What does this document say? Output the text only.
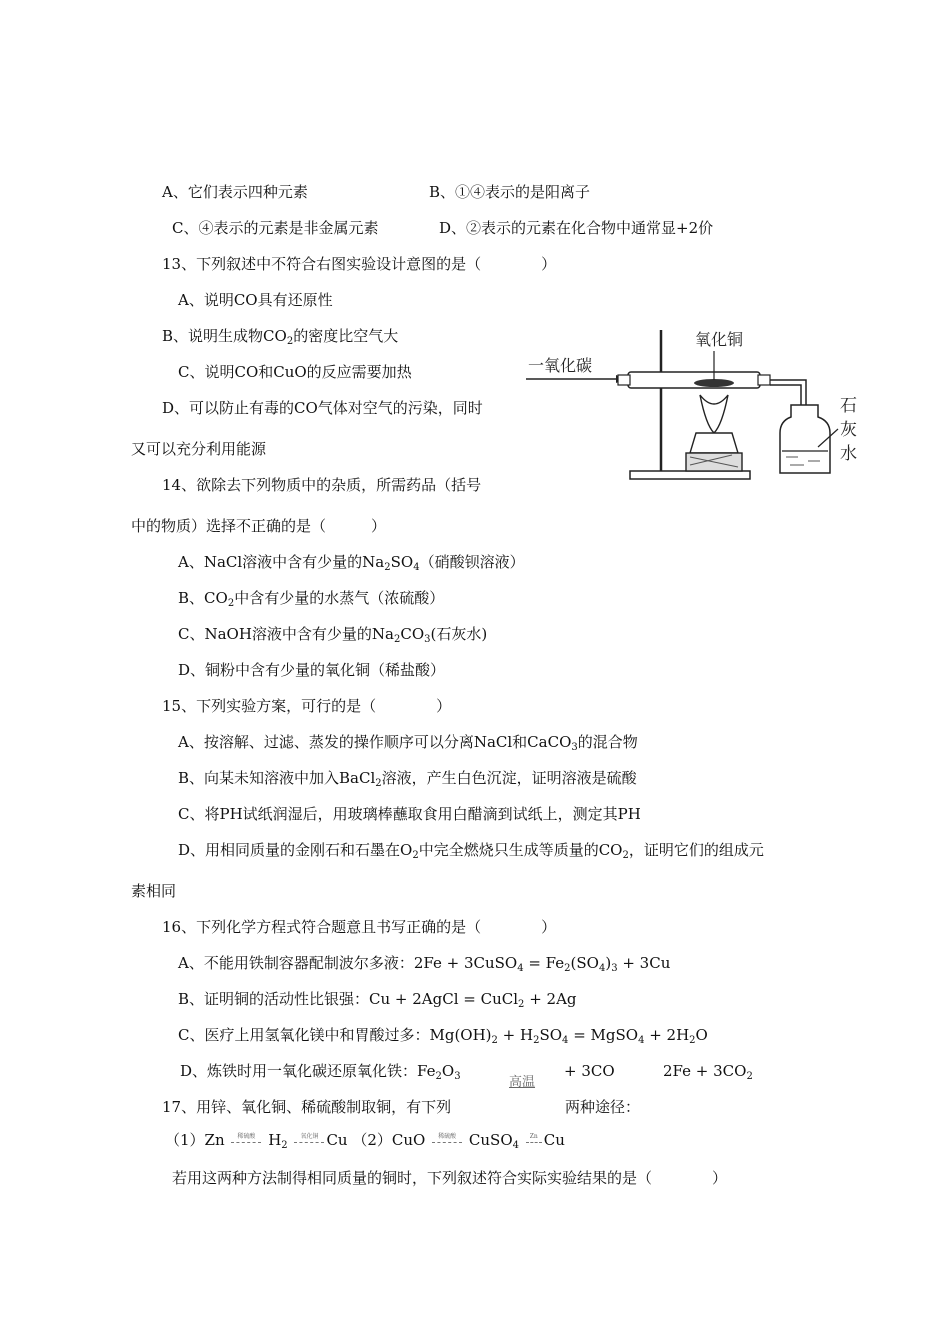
A、它们表示四种元素	B、①④表示的是阳离子
C、④表示的元素是非金属元素	D、②表示的元素在化合物中通常显+2价
13、下列叙述中不符合右图实验设计意图的是（　　　　）
A、说明CO具有还原性
B、说明生成物$CO_2$的密度比空气大
C、说明CO和CuO的反应需要加热
D、可以防止有毒的CO气体对空气的污染，同时
又可以充分利用能源
一氧化碳
氧化铜
石
灰
水
14、欲除去下列物质中的杂质，所需药品（括号
中的物质）选择不正确的是（　　　）
A、NaCl溶液中含有少量的$Na_2SO_4$（硝酸钡溶液）
B、$CO_2$中含有少量的水蒸气（浓硫酸）
C、NaOH溶液中含有少量的$Na_2CO_3$(石灰水)
D、铜粉中含有少量的氧化铜（稀盐酸）
15、下列实验方案，可行的是（　　　　）
A、按溶解、过滤、蒸发的操作顺序可以分离NaCl和CaCO$_3$的混合物
B、向某未知溶液中加入BaCl$_2$溶液，产生白色沉淀，证明溶液是硫酸
C、将PH试纸润湿后，用玻璃棒蘸取食用白醋滴到试纸上，测定其PH
D、用相同质量的金刚石和石墨在$O_2$中完全燃烧只生成等质量的$CO_2$，证明它们的组成元
素相同
16、下列化学方程式符合题意且书写正确的是（　　　　）
A、不能用铁制容器配制波尔多液：2Fe + 3CuSO$_4$ = $Fe_2(SO_4)_3 + 3Cu$
B、证明铜的活动性比银强：Cu + 2AgCl = CuCl$_2$ + 2Ag
C、医疗上用氢氧化镁中和胃酸过多：$Mg(OH)_2 + H_2SO_4$ = MgSO$_4$ + $2H_2O$
D、炼铁时用一氧化碳还原氧化铁：$Fe_2O_3$	高温
+ 3CO	$2Fe + 3CO_2$
17、用锌、氧化铜、稀硫酸制取铜，有下列	两种途径：
（1）Zn	稀硫酸 $H_2$
氧化铜 Cu （2）CuO	稀硫酸 CuSO$_4$
Zn Cu
若用这两种方法制得相同质量的铜时，下列叙述符合实际实验结果的是（　　　　）
